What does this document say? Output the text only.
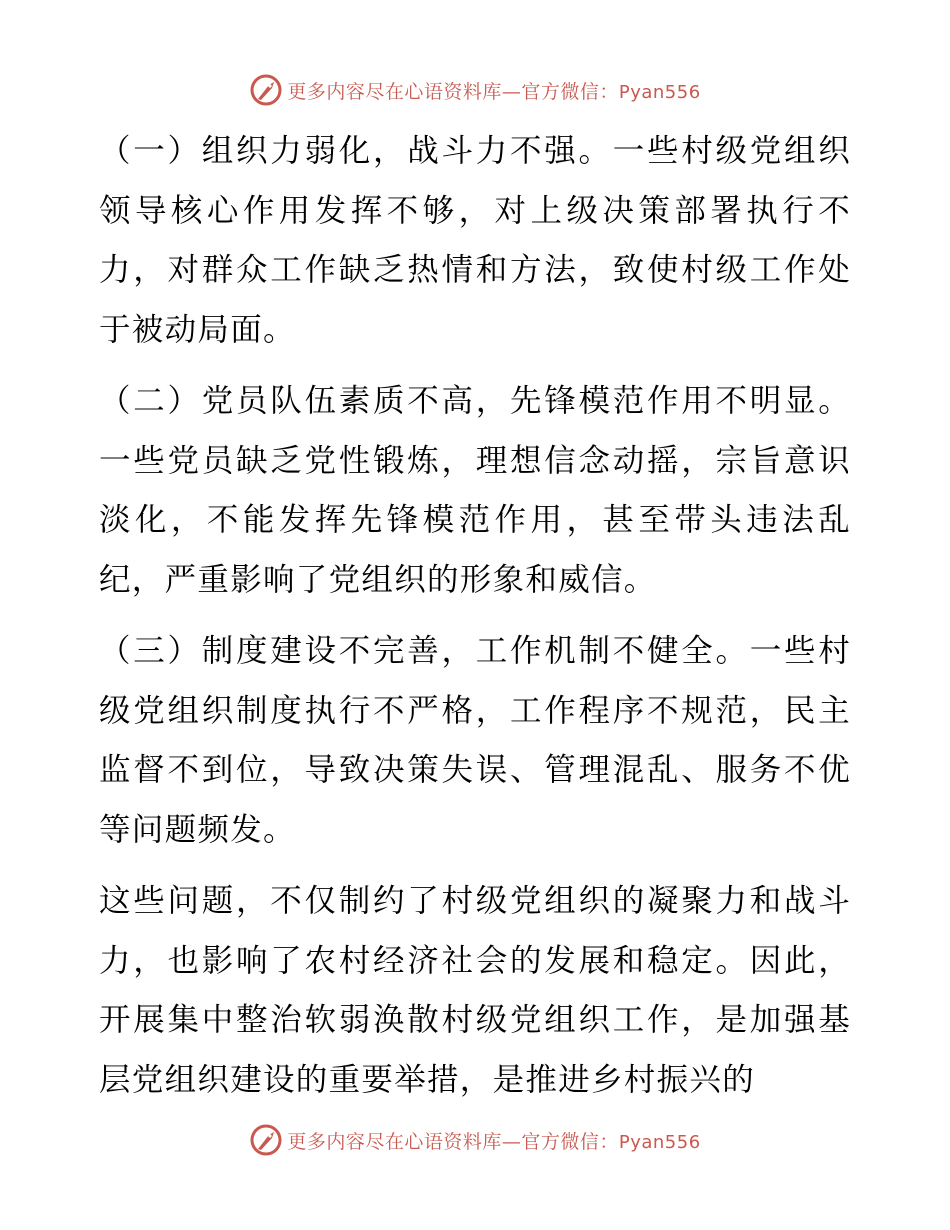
更多内容尽在心语资料库—官方微信：Pyan556

（一）组织力弱化，战斗力不强。一些村级党组织领导核心作用发挥不够，对上级决策部署执行不力，对群众工作缺乏热情和方法，致使村级工作处于被动局面。

（二）党员队伍素质不高，先锋模范作用不明显。一些党员缺乏党性锻炼，理想信念动摇，宗旨意识淡化，不能发挥先锋模范作用，甚至带头违法乱纪，严重影响了党组织的形象和威信。

（三）制度建设不完善，工作机制不健全。一些村级党组织制度执行不严格，工作程序不规范，民主监督不到位，导致决策失误、管理混乱、服务不优等问题频发。

这些问题，不仅制约了村级党组织的凝聚力和战斗力，也影响了农村经济社会的发展和稳定。因此，开展集中整治软弱涣散村级党组织工作，是加强基层党组织建设的重要举措，是推进乡村振兴的

更多内容尽在心语资料库—官方微信：Pyan556
